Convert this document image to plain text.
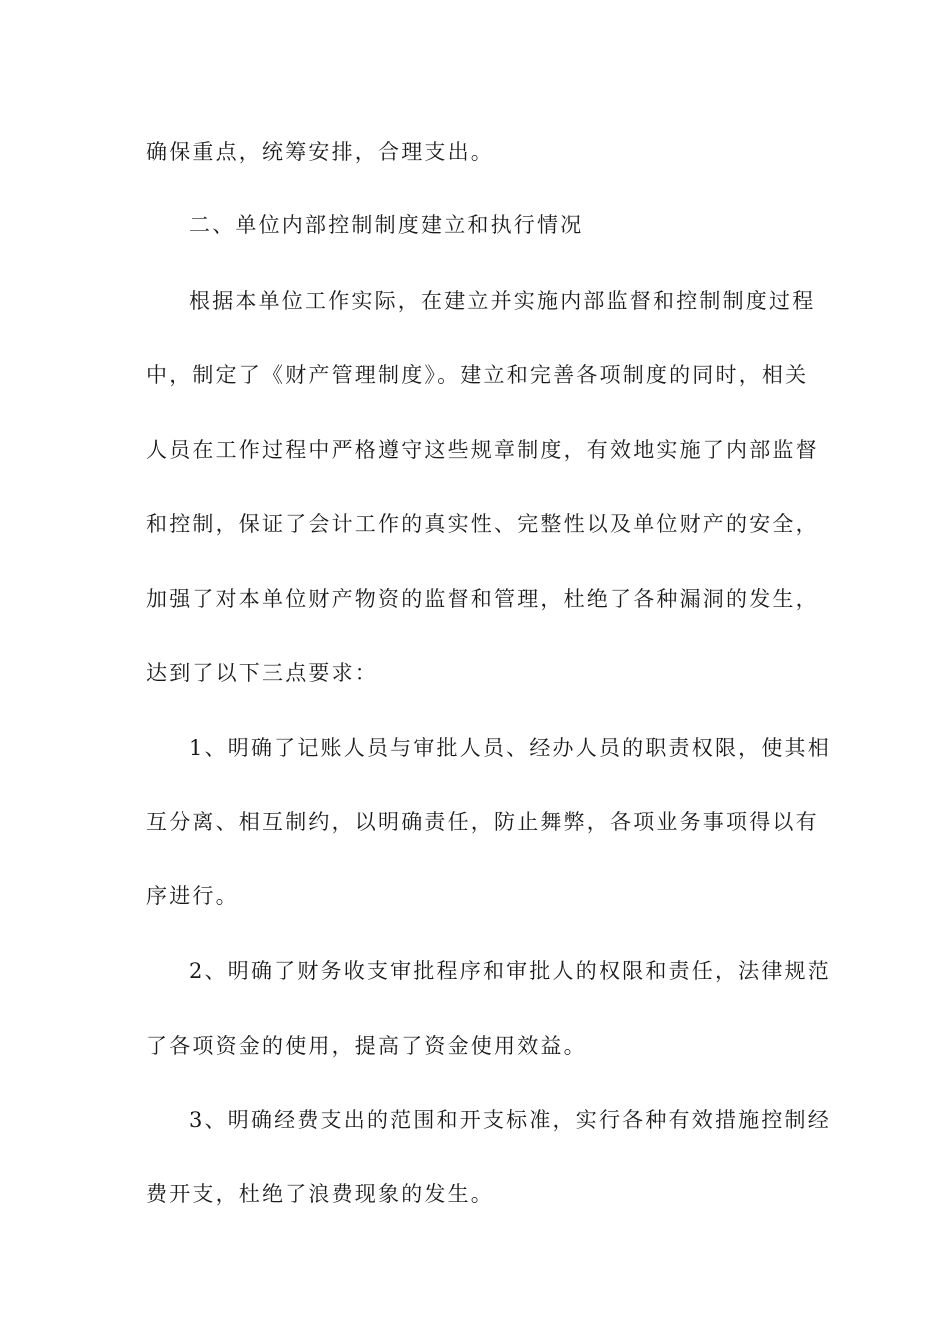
确保重点，统筹安排，合理支出。
二、单位内部控制制度建立和执行情况
根据本单位工作实际，在建立并实施内部监督和控制制度过程
中，制定了《财产管理制度》。建立和完善各项制度的同时，相关
人员在工作过程中严格遵守这些规章制度，有效地实施了内部监督
和控制，保证了会计工作的真实性、完整性以及单位财产的安全，
加强了对本单位财产物资的监督和管理，杜绝了各种漏洞的发生，
达到了以下三点要求：
1、明确了记账人员与审批人员、经办人员的职责权限，使其相
互分离、相互制约，以明确责任，防止舞弊，各项业务事项得以有
序进行。
2、明确了财务收支审批程序和审批人的权限和责任，法律规范
了各项资金的使用，提高了资金使用效益。
3、明确经费支出的范围和开支标准，实行各种有效措施控制经
费开支，杜绝了浪费现象的发生。
